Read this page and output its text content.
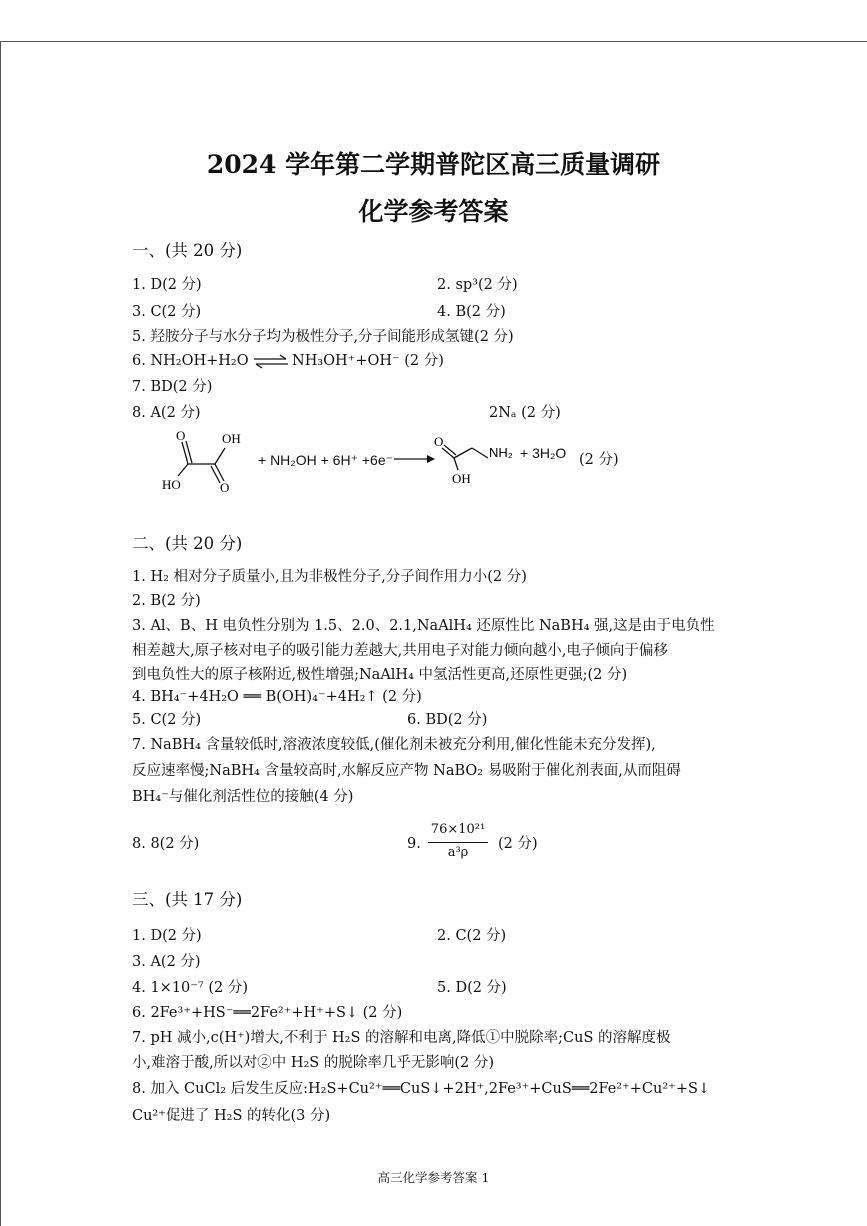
2024 学年第二学期普陀区高三质量调研
化学参考答案
一、(共 20 分)
1. D(2 分)	2. sp³(2 分)
3. C(2 分)	4. B(2 分)
5. 羟胺分子与水分子均为极性分子,分子间能形成氢键(2 分)
6. NH₂OH+H₂O ⇌ NH₃OH⁺+OH⁻ (2 分)
7. BD(2 分)
8. A(2 分)	2Nₐ (2 分)
O	OH
HO	O
+ NH₂OH + 6H⁺ +6e⁻ →
O
OH
NH₂ + 3H₂O (2 分)
二、(共 20 分)
1. H₂ 相对分子质量小,且为非极性分子,分子间作用力小(2 分)
2. B(2 分)
3. Al、B、H 电负性分别为 1.5、2.0、2.1,NaAlH₄ 还原性比 NaBH₄ 强,这是由于电负性
相差越大,原子核对电子的吸引能力差越大,共用电子对能力倾向越小,电子倾向于偏移
到电负性大的原子核附近,极性增强;NaAlH₄ 中氢活性更高,还原性更强;(2 分)
4. BH₄⁻+4H₂O ══ B(OH)₄⁻+4H₂↑ (2 分)
5. C(2 分)	6. BD(2 分)
7. NaBH₄ 含量较低时,溶液浓度较低,(催化剂未被充分利用,催化性能未充分发挥),
反应速率慢;NaBH₄ 含量较高时,水解反应产物 NaBO₂ 易吸附于催化剂表面,从而阻碍
BH₄⁻与催化剂活性位的接触(4 分)
8. 8(2 分)	9.
76×10²¹
a³ρ
(2 分)
三、(共 17 分)
1. D(2 分)	2. C(2 分)
3. A(2 分)
4. 1×10⁻⁷ (2 分)	5. D(2 分)
6. 2Fe³⁺+HS⁻══2Fe²⁺+H⁺+S↓ (2 分)
7. pH 减小,c(H⁺)增大,不利于 H₂S 的溶解和电离,降低①中脱除率;CuS 的溶解度极
小,难溶于酸,所以对②中 H₂S 的脱除率几乎无影响(2 分)
8. 加入 CuCl₂ 后发生反应:H₂S+Cu²⁺══CuS↓+2H⁺,2Fe³⁺+CuS══2Fe²⁺+Cu²⁺+S↓
Cu²⁺促进了 H₂S 的转化(3 分)
高三化学参考答案 1
